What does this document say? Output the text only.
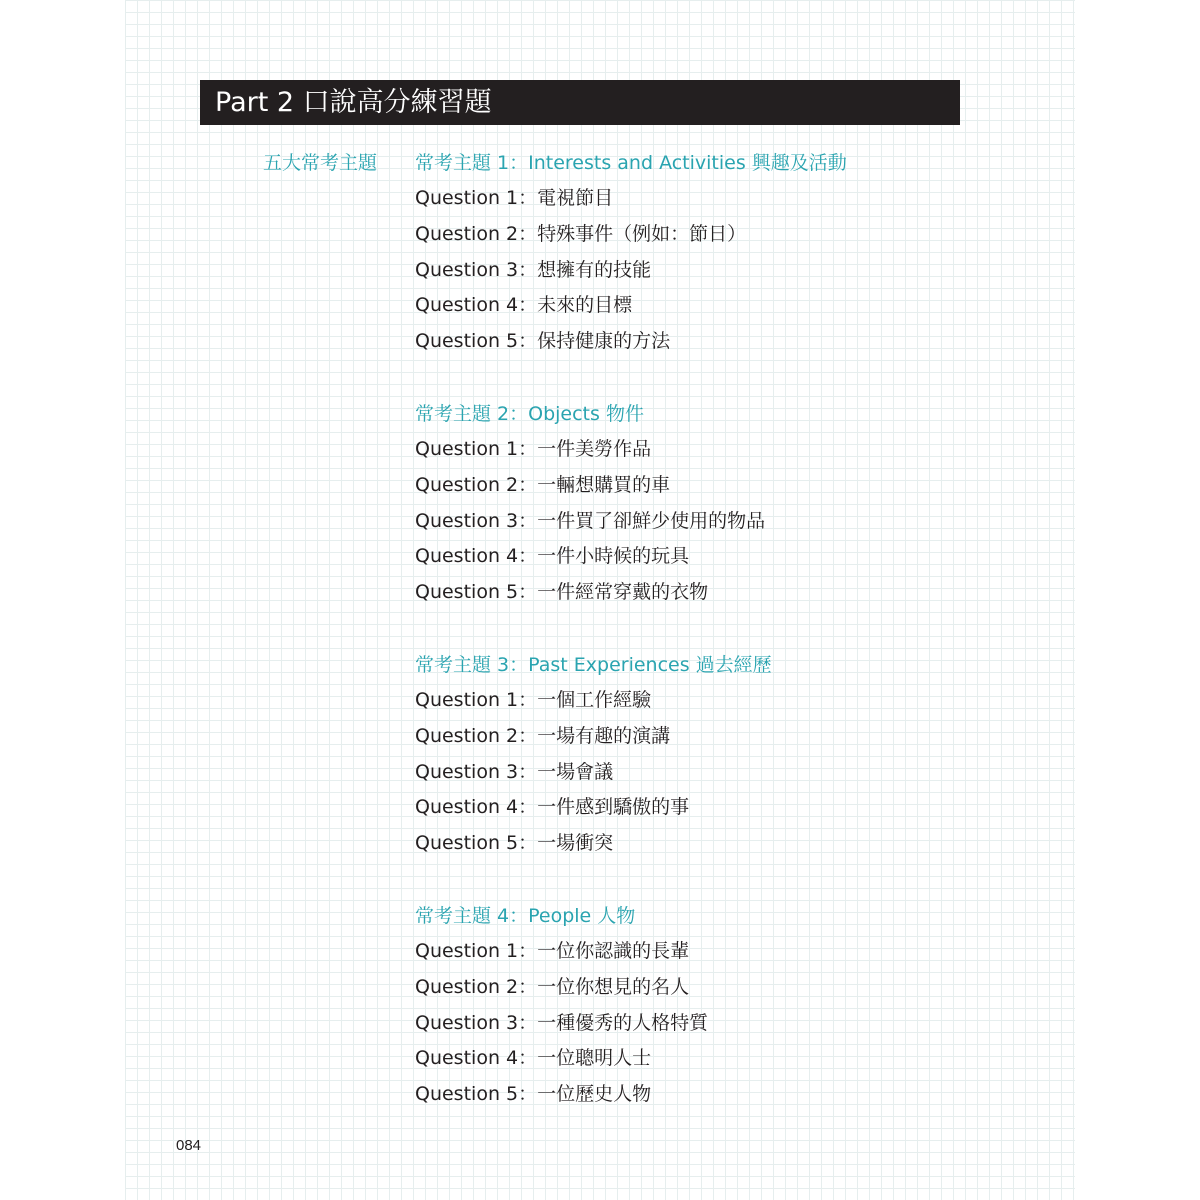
Part 2 口說高分練習題
五大常考主題 常考主題 1：Interests and Activities 興趣及活動
Question 1：電視節目
Question 2：特殊事件（例如：節日）
Question 3：想擁有的技能
Question 4：未來的目標
Question 5：保持健康的方法
常考主題 2：Objects 物件
Question 1：一件美勞作品
Question 2：一輛想購買的車
Question 3：一件買了卻鮮少使用的物品
Question 4：一件小時候的玩具
Question 5：一件經常穿戴的衣物
常考主題 3：Past Experiences 過去經歷
Question 1：一個工作經驗
Question 2：一場有趣的演講
Question 3：一場會議
Question 4：一件感到驕傲的事
Question 5：一場衝突
常考主題 4：People 人物
Question 1：一位你認識的長輩
Question 2：一位你想見的名人
Question 3：一種優秀的人格特質
Question 4：一位聰明人士
Question 5：一位歷史人物
084
